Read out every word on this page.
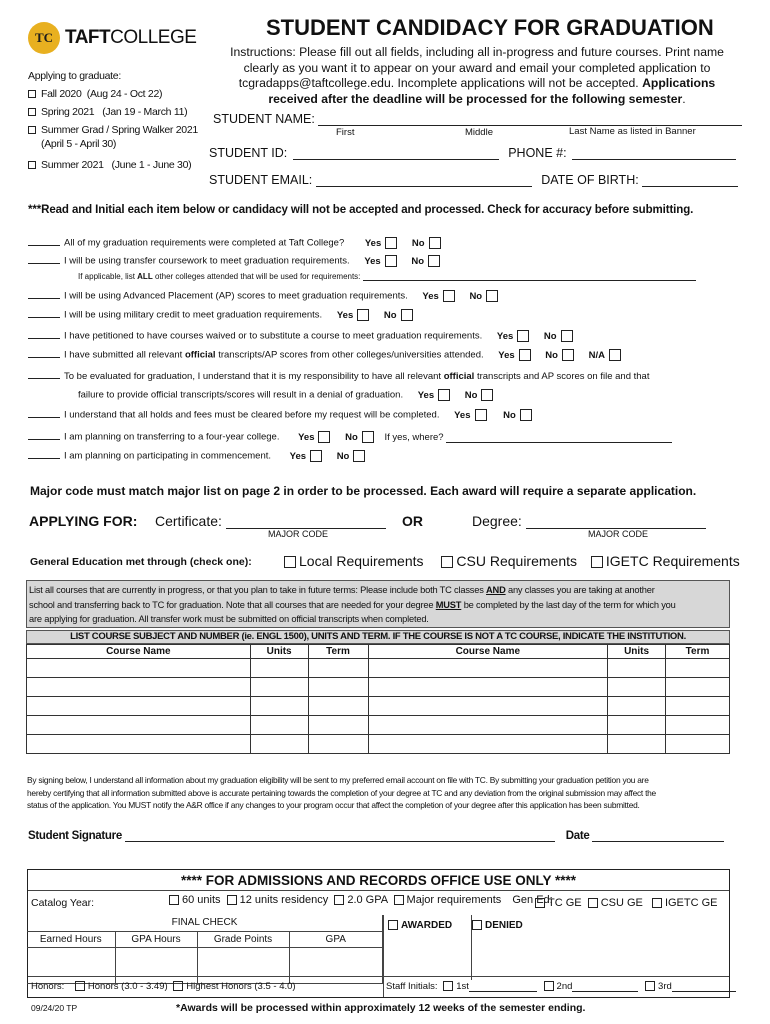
TC TAFTCOLLEGE	STUDENT CANDIDACY FOR GRADUATION
Instructions: Please fill out all fields, including all in-progress and future courses. Print name
clearly as you want it to appear on your award and email your completed application to
tcgradapps@taftcollege.edu. Incomplete applications will not be accepted. Applications
received after the deadline will be processed for the following semester.
Applying to graduate:
Fall 2020 (Aug 24 - Oct 22)
Spring 2021 (Jan 19 - March 11)
Summer Grad / Spring Walker 2021
(April 5 - April 30)
Summer 2021 (June 1 - June 30)
STUDENT NAME:
First	Middle	Last Name as listed in Banner
STUDENT ID:	PHONE #:
STUDENT EMAIL:	DATE OF BIRTH:
***Read and Initial each item below or candidacy will not be accepted and processed. Check for accuracy before submitting.
All of my graduation requirements were completed at Taft College? Yes	No
I will be using transfer coursework to meet graduation requirements. Yes	No
If applicable, list ALL other colleges attended that will be used for requirements:
I will be using Advanced Placement (AP) scores to meet graduation requirements. Yes	No
I will be using military credit to meet graduation requirements. Yes	No
I have petitioned to have courses waived or to substitute a course to meet graduation requirements. Yes	No
I have submitted all relevant official transcripts/AP scores from other colleges/universities attended. Yes	No	N/A
To be evaluated for graduation, I understand that it is my responsibility to have all relevant official transcripts and AP scores on file and that
failure to provide official transcripts/scores will result in a denial of graduation. Yes	No
I understand that all holds and fees must be cleared before my request will be completed. Yes	No
I am planning on transferring to a four-year college. Yes	No	If yes, where?
I am planning on participating in commencement. Yes	No
Major code must match major list on page 2 in order to be processed. Each award will require a separate application.
APPLYING FOR: Certificate:
MAJOR CODE
OR	Degree:
MAJOR CODE
General Education met through (check one):	Local Requirements CSU Requirements IGETC Requirements
List all courses that are currently in progress, or that you plan to take in future terms: Please include both TC classes AND any classes you are taking at another
school and transferring back to TC for graduation. Note that all courses that are needed for your degree MUST be completed by the last day of the term for which you
are applying for graduation. All transfer work must be submitted on official transcripts when completed.
LIST COURSE SUBJECT AND NUMBER (ie. ENGL 1500), UNITS AND TERM. IF THE COURSE IS NOT A TC COURSE, INDICATE THE INSTITUTION.
Course Name	Units	Term	Course Name	Units	Term

By signing below, I understand all information about my graduation eligibility will be sent to my preferred email account on file with TC. By submitting your graduation petition you are
hereby certifying that all information submitted above is accurate pertaining towards the completion of your degree at TC and any deviation from the original submission may affect the
status of the application. You MUST notify the A&R office if any changes to your program occur that affect the completion of your degree after this application has been submitted.
Student Signature	Date
**** FOR ADMISSIONS AND RECORDS OFFICE USE ONLY ****
Catalog Year:	60 units 12 units residency 2.0 GPA Major requirements Gen Ed:
TC GE CSU GE IGETC GE
FINAL CHECK			
Earned Hours	GPA Hours	Grade Points	GPA

AWARDED	DENIED
Honors: Honors (3.0 - 3.49) Highest Honors (3.5 - 4.0)	Staff Initials: 1st	2nd	3rd
09/24/20 TP	*Awards will be processed within approximately 12 weeks of the semester ending.
